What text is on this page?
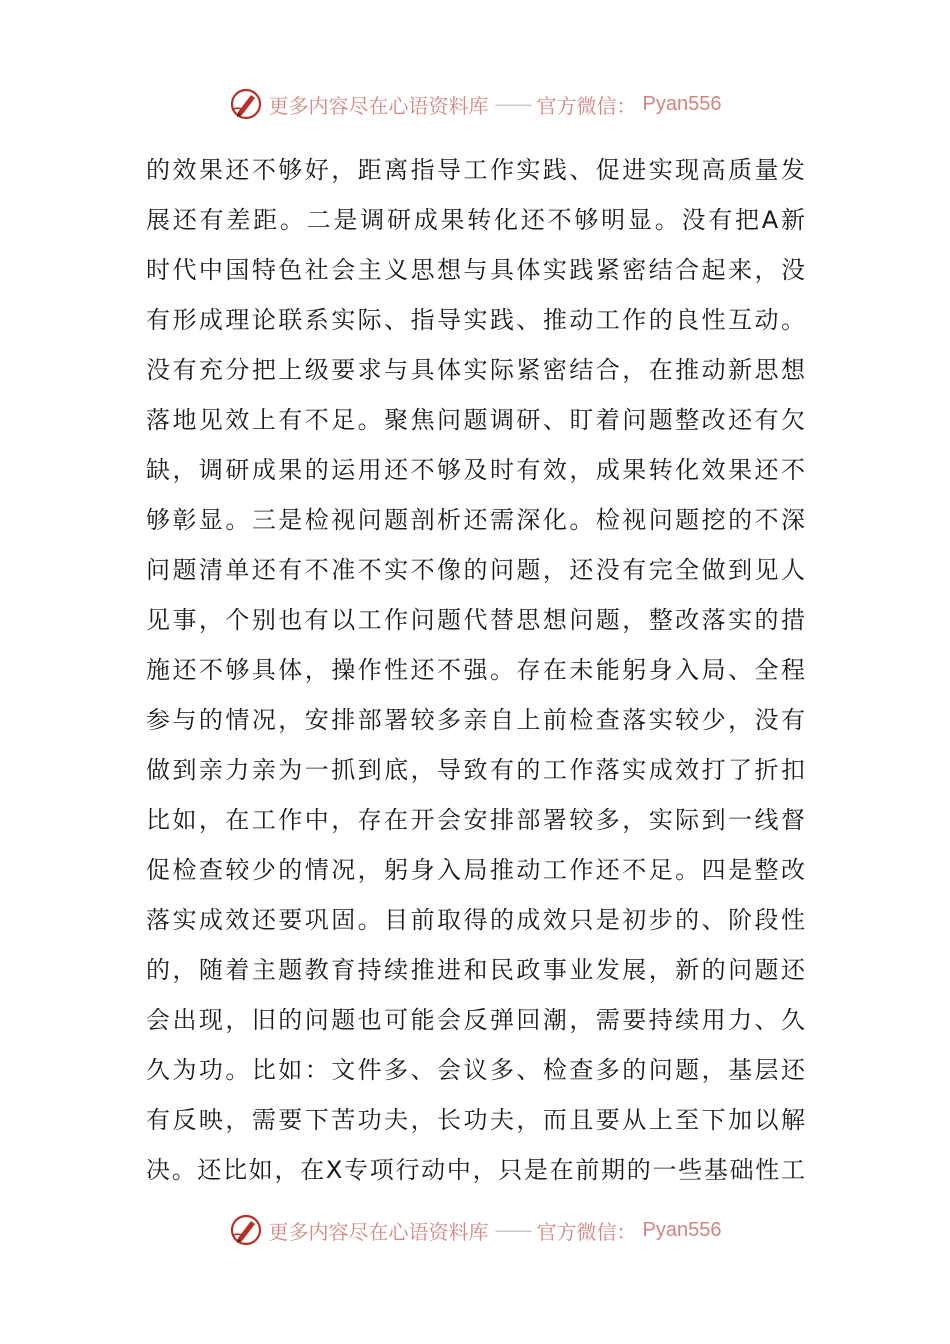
更多内容尽在心语资料库 —— 官方微信： Pyan556
的效果还不够好，距离指导工作实践、促进实现高质量发
展还有差距。二是调研成果转化还不够明显。没有把A新
时代中国特色社会主义思想与具体实践紧密结合起来，没
有形成理论联系实际、指导实践、推动工作的良性互动。
没有充分把上级要求与具体实际紧密结合，在推动新思想
落地见效上有不足。聚焦问题调研、盯着问题整改还有欠
缺，调研成果的运用还不够及时有效，成果转化效果还不
够彰显。三是检视问题剖析还需深化。检视问题挖的不深
问题清单还有不准不实不像的问题，还没有完全做到见人
见事，个别也有以工作问题代替思想问题，整改落实的措
施还不够具体，操作性还不强。存在未能躬身入局、全程
参与的情况，安排部署较多亲自上前检查落实较少，没有
做到亲力亲为一抓到底，导致有的工作落实成效打了折扣
比如，在工作中，存在开会安排部署较多，实际到一线督
促检查较少的情况，躬身入局推动工作还不足。四是整改
落实成效还要巩固。目前取得的成效只是初步的、阶段性
的，随着主题教育持续推进和民政事业发展，新的问题还
会出现，旧的问题也可能会反弹回潮，需要持续用力、久
久为功。比如：文件多、会议多、检查多的问题，基层还
有反映，需要下苦功夫，长功夫，而且要从上至下加以解
决。还比如，在X专项行动中，只是在前期的一些基础性工
更多内容尽在心语资料库 —— 官方微信： Pyan556
